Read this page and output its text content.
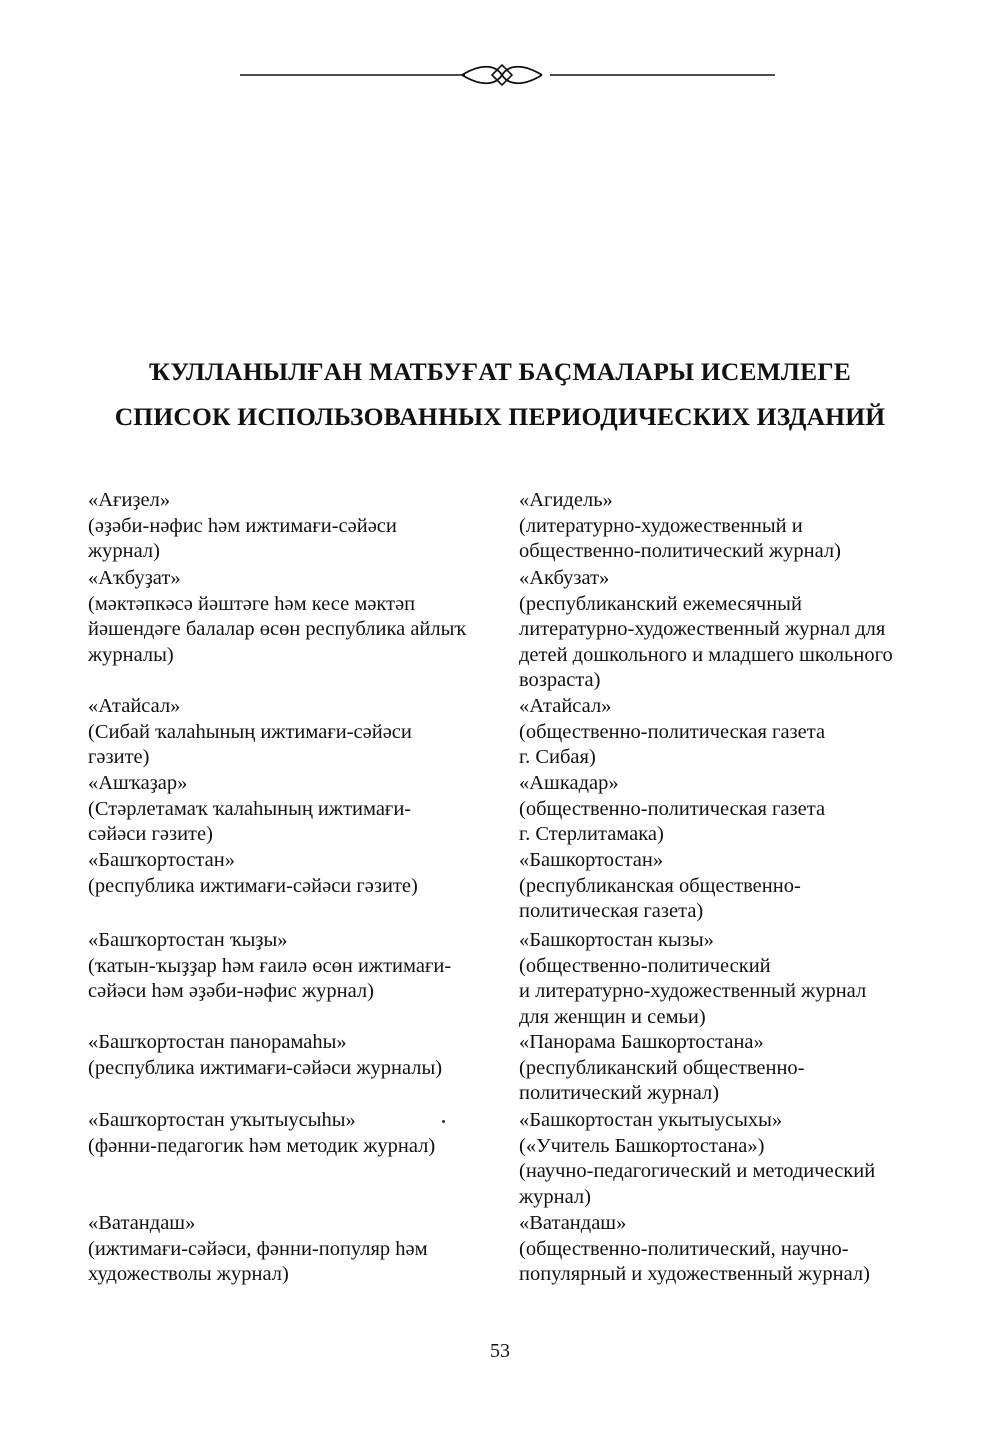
ҠУЛЛАНЫЛҒАН МАТБУҒАТ БАҪМАЛАРЫ ИСЕМЛЕГЕ
СПИСОК ИСПОЛЬЗОВАННЫХ ПЕРИОДИЧЕСКИХ ИЗДАНИЙ
«Ағиҙел»
(әҙәби-нәфис һәм ижтимағи-сәйәси
журнал)
«Агидель»
(литературно-художественный и
общественно-политический журнал)
«Аҡбуҙат»
(мәктәпкәсә йәштәге һәм кесе мәктәп
йәшендәге балалар өсөн республика айлыҡ
журналы)
«Акбузат»
(республиканский ежемесячный
литературно-художественный журнал для
детей дошкольного и младшего школьного
возраста)
«Атайсал»
(Сибай ҡалаһының ижтимағи-сәйәси
гәзите)
«Атайсал»
(общественно-политическая газета
г. Сибая)
«Ашҡаҙар»
(Стәрлетамаҡ ҡалаһының ижтимағи-
сәйәси гәзите)
«Ашкадар»
(общественно-политическая газета
г. Стерлитамака)
«Башҡортостан»
(республика ижтимағи-сәйәси гәзите)
«Башкортостан»
(республиканская общественно-
политическая газета)
«Башҡортостан ҡыҙы»
(ҡатын-ҡыҙҙар һәм ғаилә өсөн ижтимағи-
сәйәси һәм әҙәби-нәфис журнал)
«Башкортостан кызы»
(общественно-политический
и литературно-художественный журнал
для женщин и семьи)
«Башҡортостан панорамаһы»
(республика ижтимағи-сәйәси журналы)
«Панорама Башкортостана»
(республиканский общественно-
политический журнал)
«Башҡортостан уҡытыусыһы»
(фәнни-педагогик һәм методик журнал)
«Башкортостан укытыусыхы»
(«Учитель Башкортостана»)
(научно-педагогический и методический
журнал)
«Ватандаш»
(ижтимағи-сәйәси, фәнни-популяр һәм
художестволы журнал)
«Ватандаш»
(общественно-политический, научно-
популярный и художественный журнал)
53
